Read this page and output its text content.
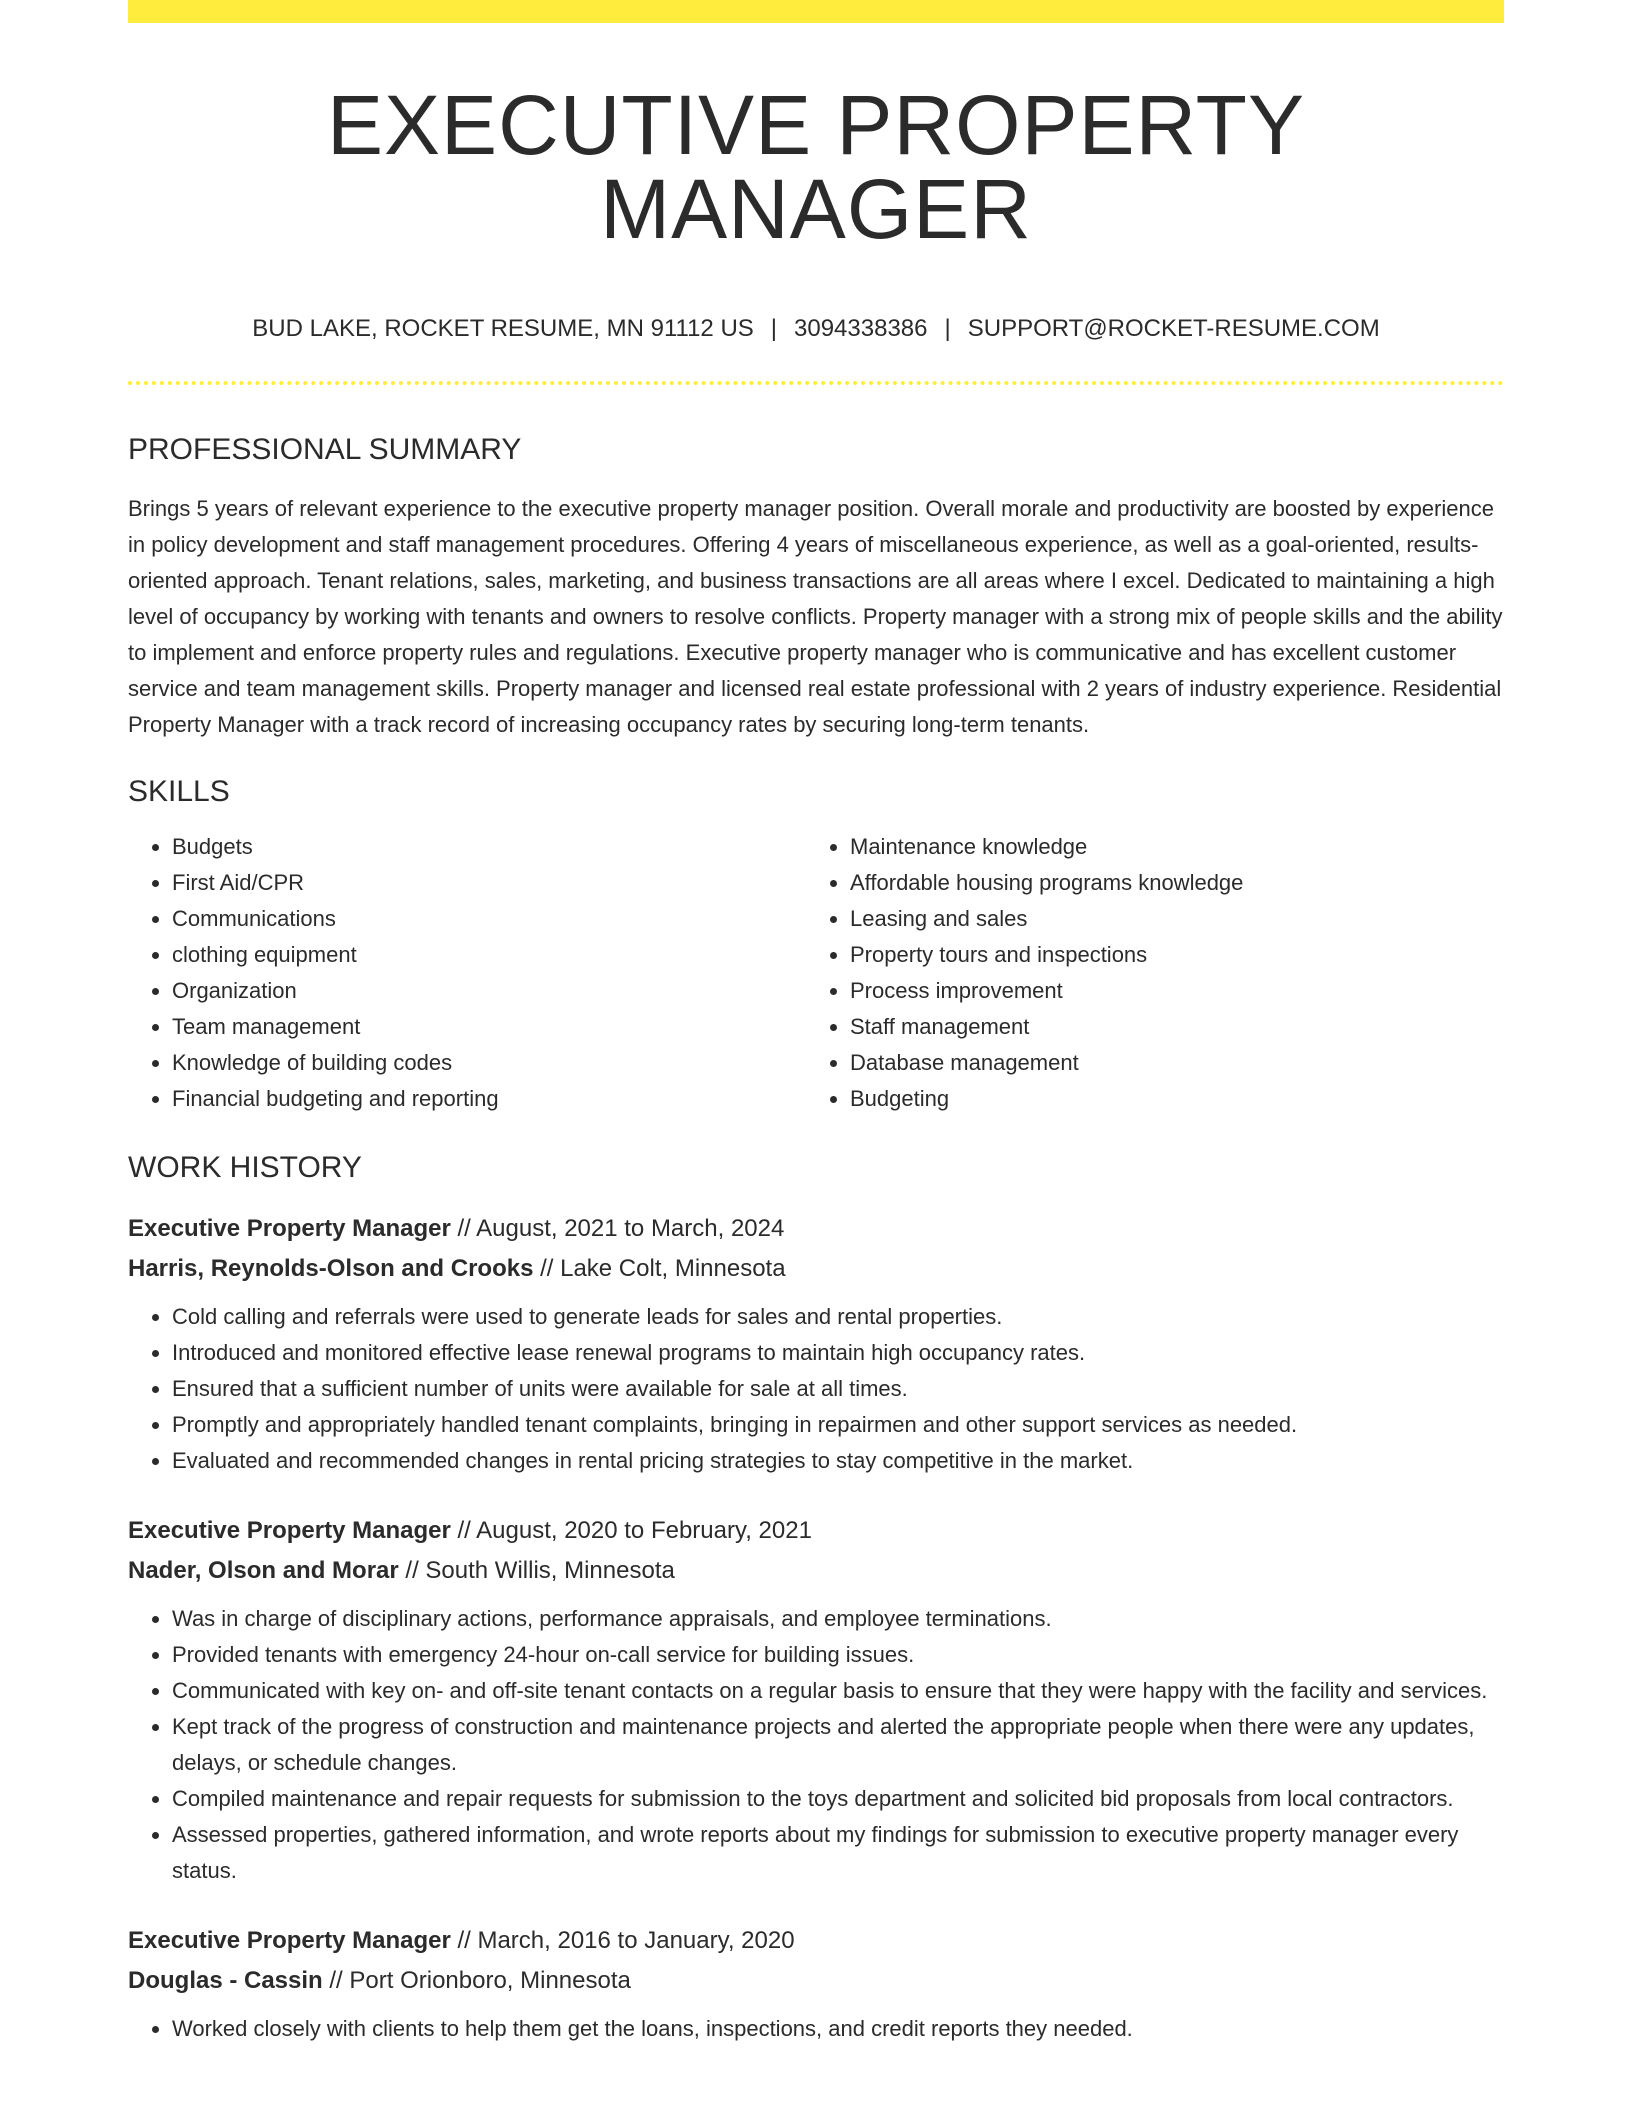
EXECUTIVE PROPERTY MANAGER
BUD LAKE, ROCKET RESUME, MN 91112 US | 3094338386 | SUPPORT@ROCKET-RESUME.COM
PROFESSIONAL SUMMARY

Brings 5 years of relevant experience to the executive property manager position. Overall morale and productivity are boosted by experience in policy development and staff management procedures. Offering 4 years of miscellaneous experience, as well as a goal-oriented, results-oriented approach. Tenant relations, sales, marketing, and business transactions are all areas where I excel. Dedicated to maintaining a high level of occupancy by working with tenants and owners to resolve conflicts. Property manager with a strong mix of people skills and the ability to implement and enforce property rules and regulations. Executive property manager who is communicative and has excellent customer service and team management skills. Property manager and licensed real estate professional with 2 years of industry experience. Residential Property Manager with a track record of increasing occupancy rates by securing long-term tenants.

SKILLS
• Budgets
• First Aid/CPR
• Communications
• clothing equipment
• Organization
• Team management
• Knowledge of building codes
• Financial budgeting and reporting
• Maintenance knowledge
• Affordable housing programs knowledge
• Leasing and sales
• Property tours and inspections
• Process improvement
• Staff management
• Database management
• Budgeting
WORK HISTORY
Executive Property Manager // August, 2021 to March, 2024
Harris, Reynolds-Olson and Crooks // Lake Colt, Minnesota
• Cold calling and referrals were used to generate leads for sales and rental properties.
• Introduced and monitored effective lease renewal programs to maintain high occupancy rates.
• Ensured that a sufficient number of units were available for sale at all times.
• Promptly and appropriately handled tenant complaints, bringing in repairmen and other support services as needed.
• Evaluated and recommended changes in rental pricing strategies to stay competitive in the market.
Executive Property Manager // August, 2020 to February, 2021
Nader, Olson and Morar // South Willis, Minnesota
• Was in charge of disciplinary actions, performance appraisals, and employee terminations.
• Provided tenants with emergency 24-hour on-call service for building issues.
• Communicated with key on- and off-site tenant contacts on a regular basis to ensure that they were happy with the facility and services.
• Kept track of the progress of construction and maintenance projects and alerted the appropriate people when there were any updates, delays, or schedule changes.
• Compiled maintenance and repair requests for submission to the toys department and solicited bid proposals from local contractors.
• Assessed properties, gathered information, and wrote reports about my findings for submission to executive property manager every status.
Executive Property Manager // March, 2016 to January, 2020
Douglas - Cassin // Port Orionboro, Minnesota
• Worked closely with clients to help them get the loans, inspections, and credit reports they needed.
